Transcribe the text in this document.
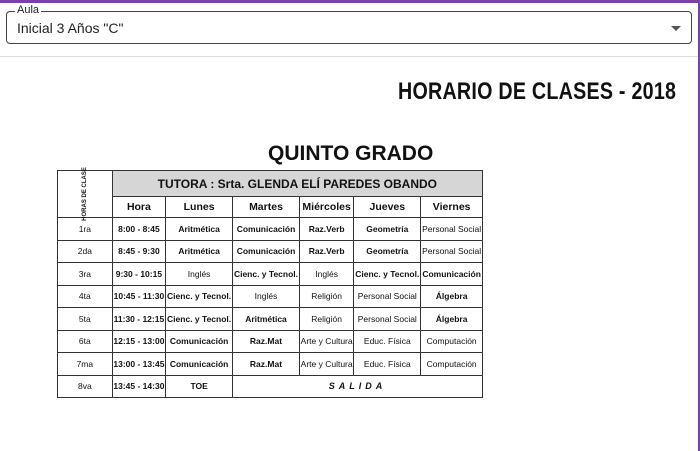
Aula
Inicial 3 Años "C"
HORARIO DE CLASES - 2018
QUINTO GRADO
HORAS DE CLASE	TUTORA : Srta. GLENDA ELÍ PAREDES OBANDO					
	Hora	Lunes	Martes	Miércoles	Jueves	Viernes
1ra	8:00 - 8:45	Aritmética	Comunicación	Raz.Verb	Geometría	Personal Social
2da	8:45 - 9:30	Aritmética	Comunicación	Raz.Verb	Geometría	Personal Social
3ra	9:30 - 10:15	Inglés	Cienc. y Tecnol.	Inglés	Cienc. y Tecnol.	Comunicación
4ta	10:45 - 11:30	Cienc. y Tecnol.	Inglés	Religión	Personal Social	Álgebra
5ta	11:30 - 12:15	Cienc. y Tecnol.	Aritmética	Religión	Personal Social	Álgebra
6ta	12:15 - 13:00	Comunicación	Raz.Mat	Arte y Cultura	Educ. Física	Computación
7ma	13:00 - 13:45	Comunicación	Raz.Mat	Arte y Cultura	Educ. Física	Computación
8va	13:45 - 14:30	TOE	SALIDA			
